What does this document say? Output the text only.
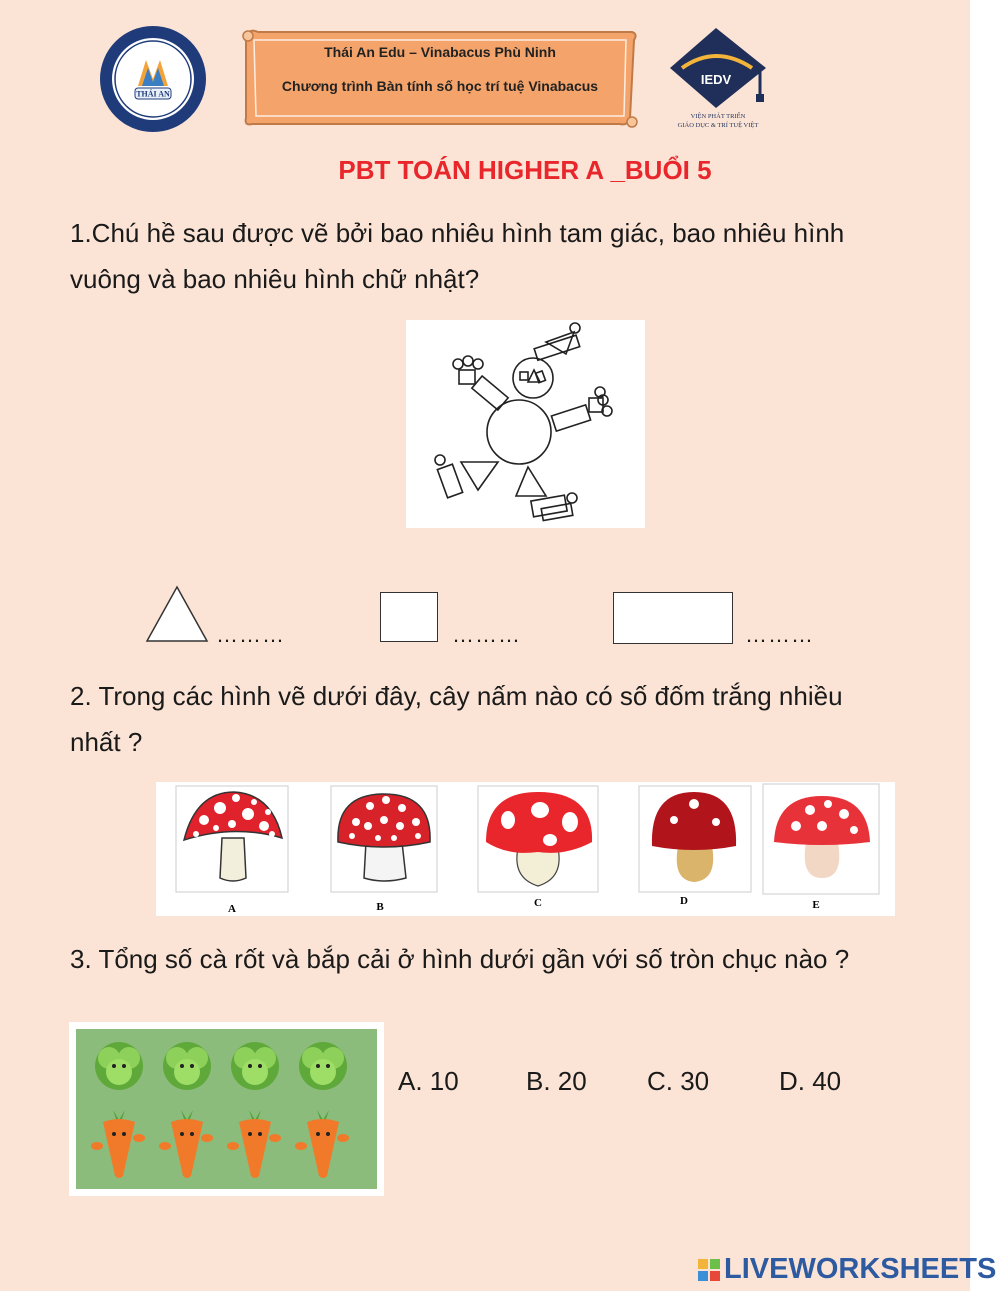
THÁI AN
Thái An Edu – Vinabacus Phù Ninh
Chương trình Bàn tính số học trí tuệ Vinabacus	IEDV
VIỆN PHÁT TRIỂN
GIÁO DỤC & TRÍ TUỆ VIỆT
PBT TOÁN HIGHER A _BUỔI 5
1.Chú hề sau được vẽ bởi bao nhiêu hình tam giác, bao nhiêu hình
vuông và bao nhiêu hình chữ nhật?
………	………	………
2. Trong các hình vẽ dưới đây, cây nấm nào có số đốm trắng nhiều
nhất ?
A	B	C	D	E
3. Tổng số cà rốt và bắp cải ở hình dưới gần với số tròn chục nào ?
A. 10	B. 20 C. 30	D. 40
LIVEWORKSHEETS
